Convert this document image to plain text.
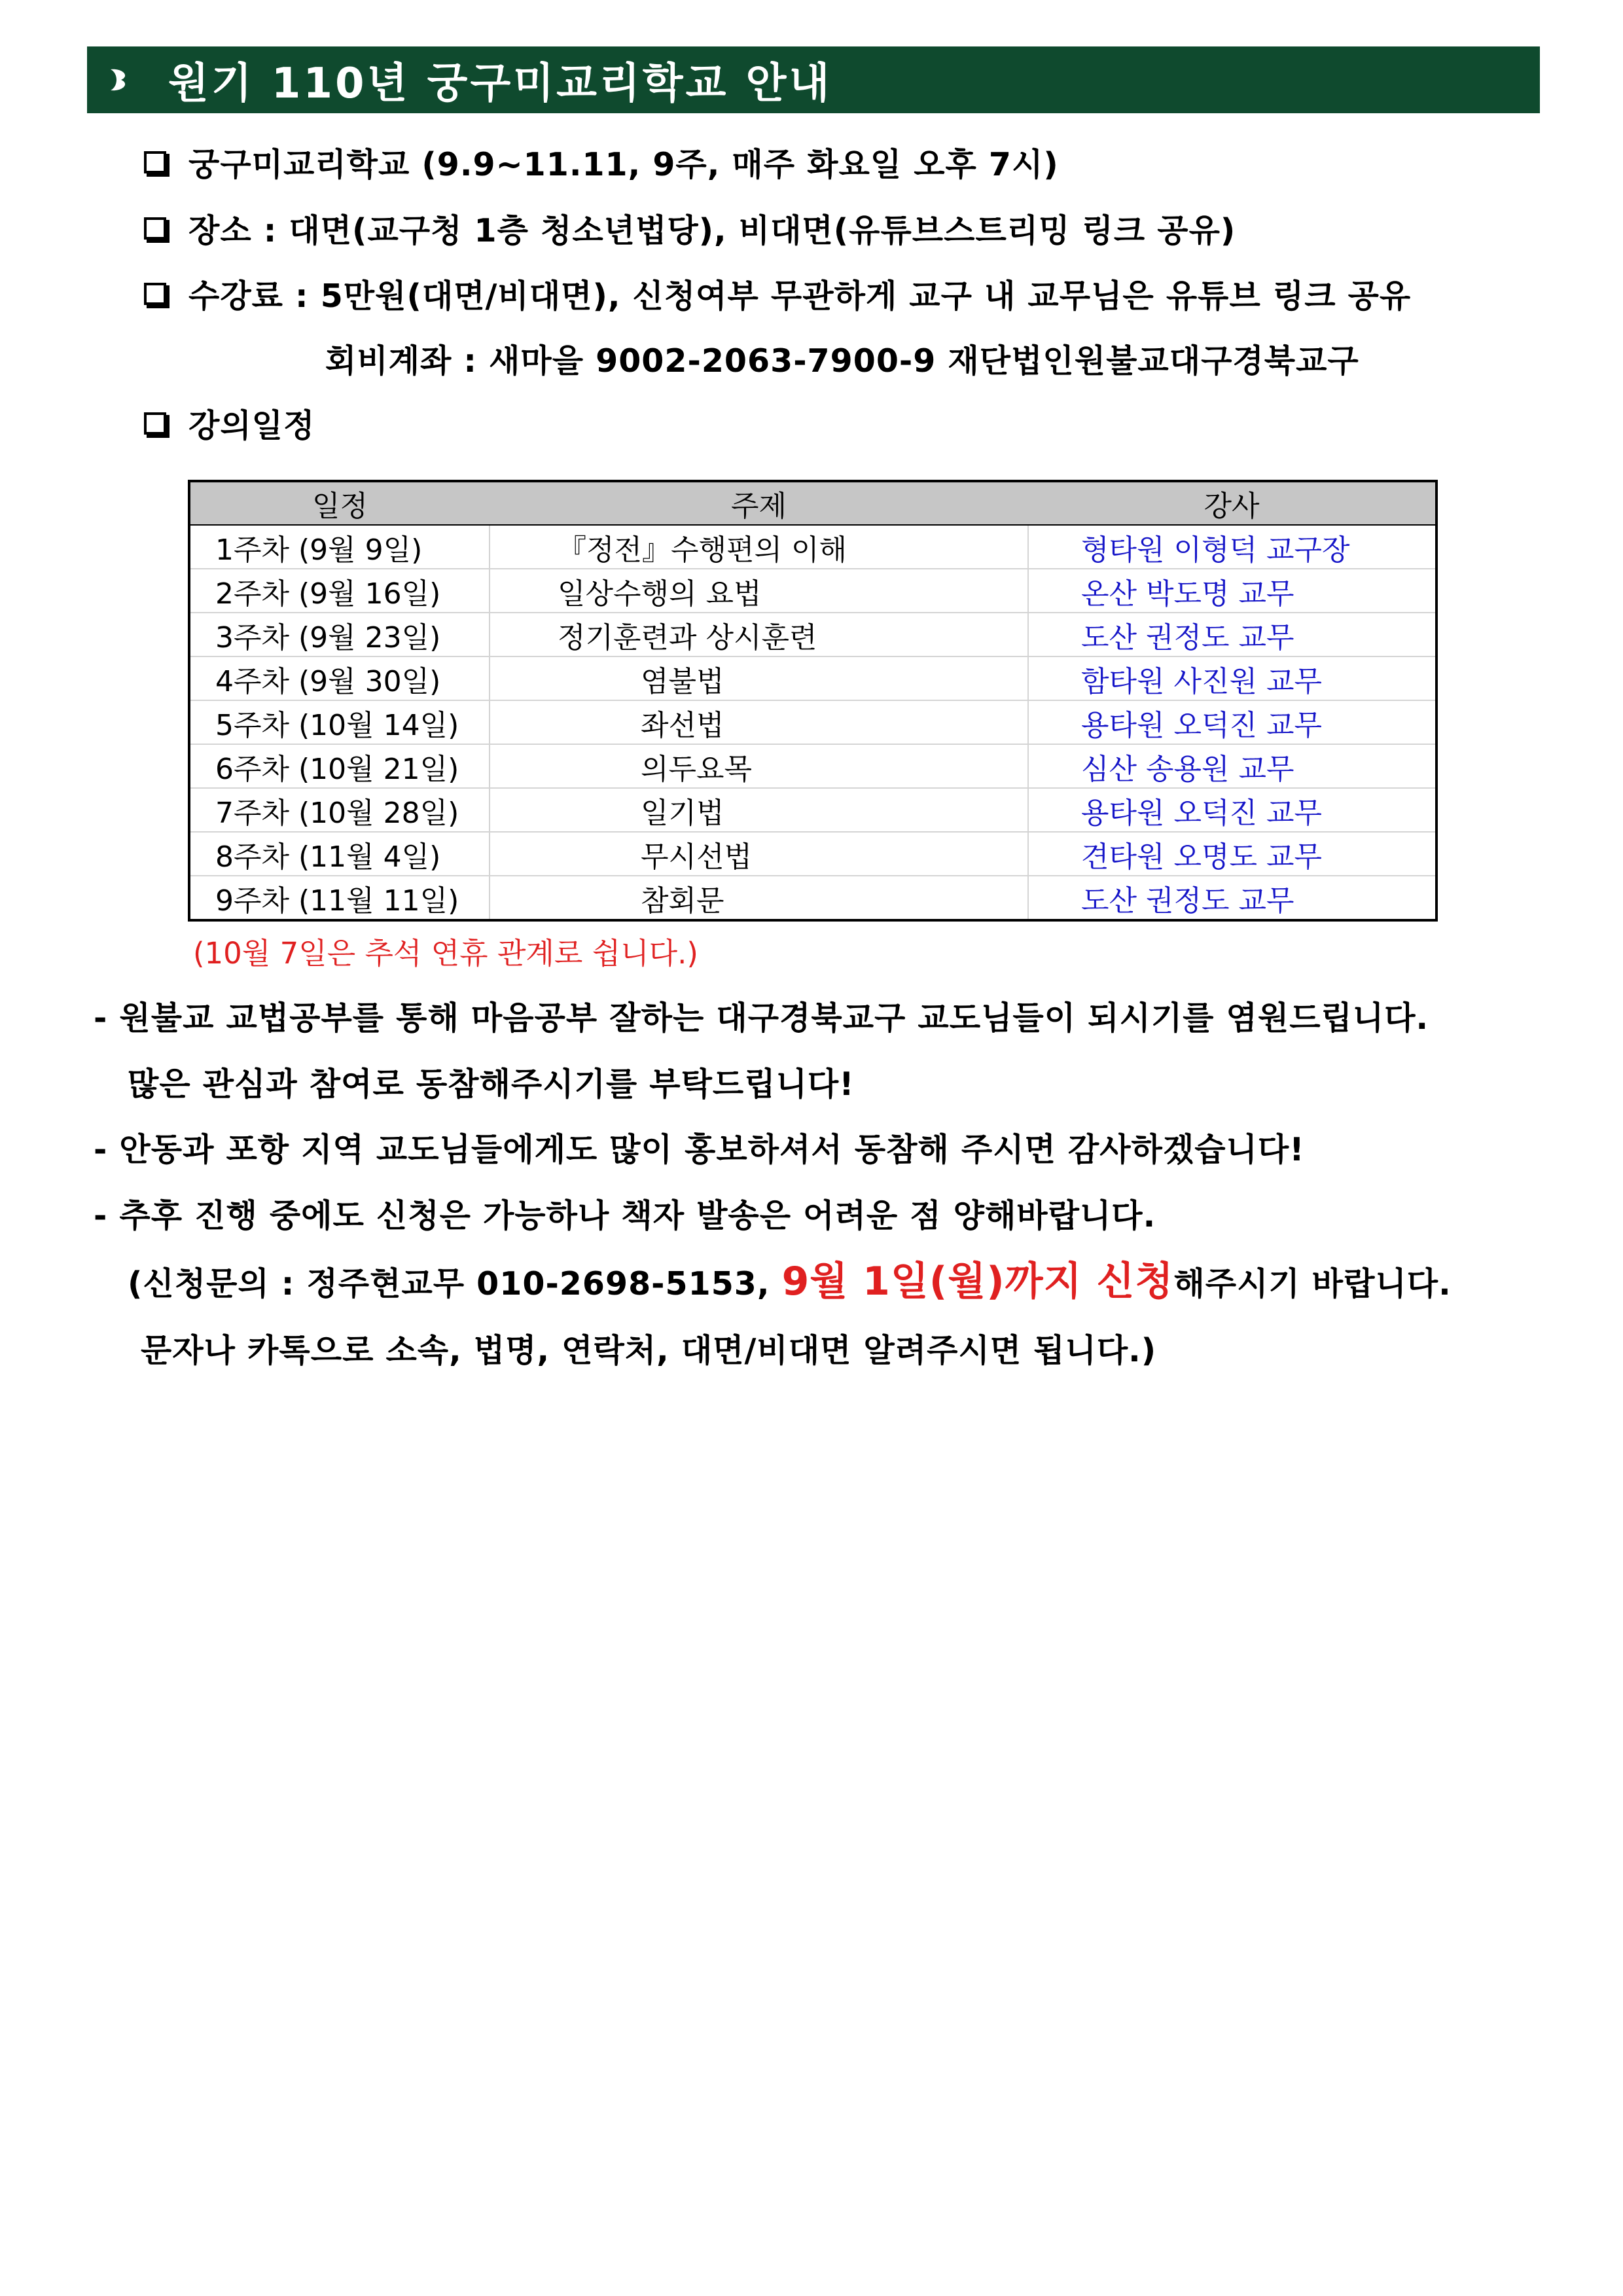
원기 110년 궁구미교리학교 안내
궁구미교리학교 (9.9~11.11, 9주, 매주 화요일 오후 7시)
장소 : 대면(교구청 1층 청소년법당), 비대면(유튜브스트리밍 링크 공유)
수강료 : 5만원(대면/비대면), 신청여부 무관하게 교구 내 교무님은 유튜브 링크 공유
회비계좌 : 새마을 9002-2063-7900-9 재단법인원불교대구경북교구
강의일정
일정	주제	강사
1주차 (9월 9일)	『정전』수행편의 이해	형타원 이형덕 교구장
2주차 (9월 16일)	일상수행의 요법	온산 박도명 교무
3주차 (9월 23일)	정기훈련과 상시훈련	도산 권정도 교무
4주차 (9월 30일)	염불법	함타원 사진원 교무
5주차 (10월 14일)	좌선법	용타원 오덕진 교무
6주차 (10월 21일)	의두요목	심산 송용원 교무
7주차 (10월 28일)	일기법	용타원 오덕진 교무
8주차 (11월 4일)	무시선법	견타원 오명도 교무
9주차 (11월 11일)	참회문	도산 권정도 교무
(10월 7일은 추석 연휴 관계로 쉽니다.)
- 원불교 교법공부를 통해 마음공부 잘하는 대구경북교구 교도님들이 되시기를 염원드립니다.
많은 관심과 참여로 동참해주시기를 부탁드립니다!
- 안동과 포항 지역 교도님들에게도 많이 홍보하셔서 동참해 주시면 감사하겠습니다!
- 추후 진행 중에도 신청은 가능하나 책자 발송은 어려운 점 양해바랍니다.
(신청문의 : 정주현교무 010-2698-5153, 9월 1일(월)까지 신청해주시기 바랍니다.
문자나 카톡으로 소속, 법명, 연락처, 대면/비대면 알려주시면 됩니다.)
